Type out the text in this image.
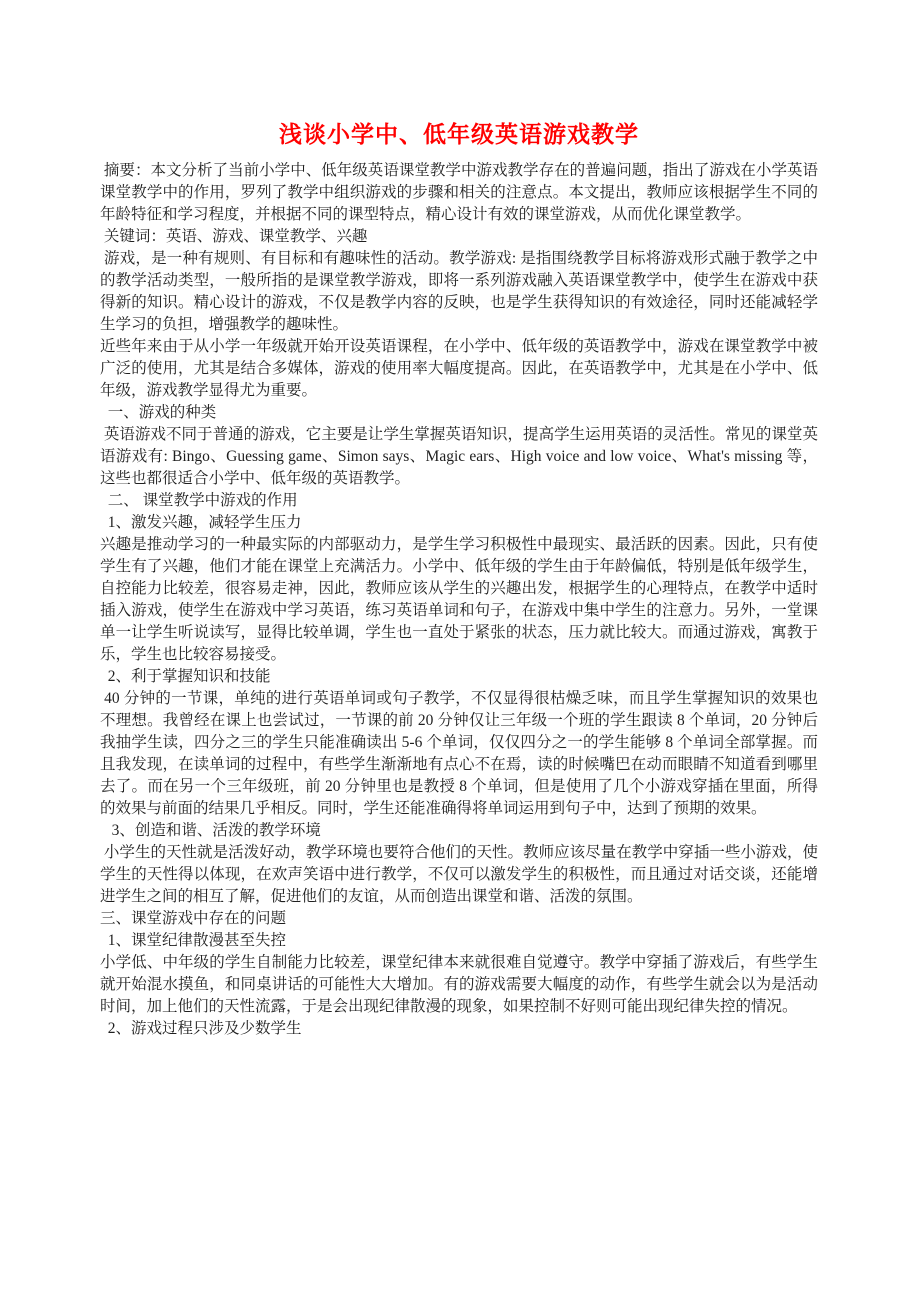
浅谈小学中、低年级英语游戏教学

摘要：本文分析了当前小学中、低年级英语课堂教学中游戏教学存在的普遍问题，指出了游戏在小学英语课堂教学中的作用，罗列了教学中组织游戏的步骤和相关的注意点。本文提出，教师应该根据学生不同的年龄特征和学习程度，并根据不同的课型特点，精心设计有效的课堂游戏，从而优化课堂教学。

关键词：英语、游戏、课堂教学、兴趣

游戏，是一种有规则、有目标和有趣味性的活动。教学游戏: 是指围绕教学目标将游戏形式融于教学之中的教学活动类型，一般所指的是课堂教学游戏，即将一系列游戏融入英语课堂教学中，使学生在游戏中获得新的知识。精心设计的游戏，不仅是教学内容的反映，也是学生获得知识的有效途径，同时还能减轻学生学习的负担，增强教学的趣味性。

近些年来由于从小学一年级就开始开设英语课程，在小学中、低年级的英语教学中，游戏在课堂教学中被广泛的使用，尤其是结合多媒体，游戏的使用率大幅度提高。因此，在英语教学中，尤其是在小学中、低年级，游戏教学显得尤为重要。

一、游戏的种类

英语游戏不同于普通的游戏，它主要是让学生掌握英语知识，提高学生运用英语的灵活性。常见的课堂英语游戏有: Bingo、Guessing game、Simon says、Magic ears、High voice and low voice、What's missing 等，这些也都很适合小学中、低年级的英语教学。

二、 课堂教学中游戏的作用

1、激发兴趣，减轻学生压力

兴趣是推动学习的一种最实际的内部驱动力，是学生学习积极性中最现实、最活跃的因素。因此，只有使学生有了兴趣，他们才能在课堂上充满活力。小学中、低年级的学生由于年龄偏低，特别是低年级学生，自控能力比较差，很容易走神，因此，教师应该从学生的兴趣出发，根据学生的心理特点，在教学中适时插入游戏，使学生在游戏中学习英语，练习英语单词和句子，在游戏中集中学生的注意力。另外，一堂课单一让学生听说读写，显得比较单调，学生也一直处于紧张的状态，压力就比较大。而通过游戏，寓教于乐，学生也比较容易接受。

2、利于掌握知识和技能

40 分钟的一节课，单纯的进行英语单词或句子教学，不仅显得很枯燥乏味，而且学生掌握知识的效果也不理想。我曾经在课上也尝试过，一节课的前 20 分钟仅让三年级一个班的学生跟读 8 个单词，20 分钟后我抽学生读，四分之三的学生只能准确读出 5-6 个单词，仅仅四分之一的学生能够 8 个单词全部掌握。而且我发现，在读单词的过程中，有些学生渐渐地有点心不在焉，读的时候嘴巴在动而眼睛不知道看到哪里去了。而在另一个三年级班，前 20 分钟里也是教授 8 个单词，但是使用了几个小游戏穿插在里面，所得的效果与前面的结果几乎相反。同时，学生还能准确得将单词运用到句子中，达到了预期的效果。

3、创造和谐、活泼的教学环境

小学生的天性就是活泼好动，教学环境也要符合他们的天性。教师应该尽量在教学中穿插一些小游戏，使学生的天性得以体现，在欢声笑语中进行教学，不仅可以激发学生的积极性，而且通过对话交谈，还能增进学生之间的相互了解，促进他们的友谊，从而创造出课堂和谐、活泼的氛围。

三、课堂游戏中存在的问题

1、课堂纪律散漫甚至失控

小学低、中年级的学生自制能力比较差，课堂纪律本来就很难自觉遵守。教学中穿插了游戏后，有些学生就开始混水摸鱼，和同桌讲话的可能性大大增加。有的游戏需要大幅度的动作，有些学生就会以为是活动时间，加上他们的天性流露，于是会出现纪律散漫的现象，如果控制不好则可能出现纪律失控的情况。

2、游戏过程只涉及少数学生
